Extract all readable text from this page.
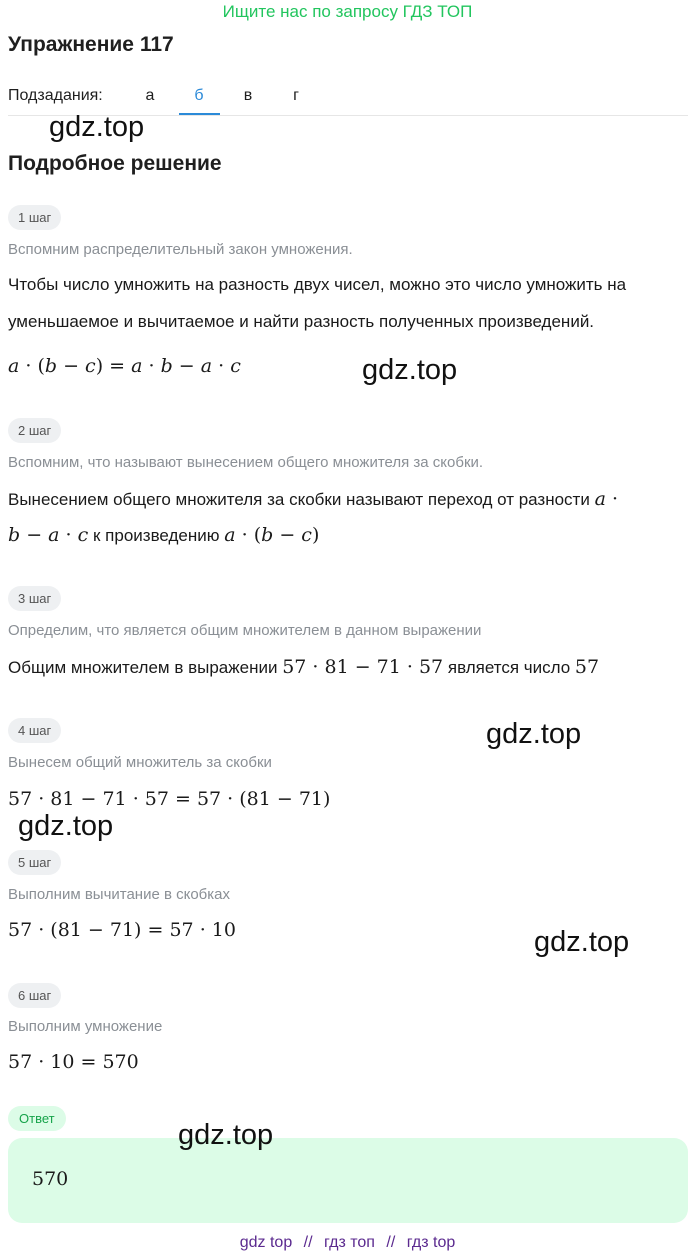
Ищите нас по запросу ГДЗ ТОП
Упражнение 117
Подзадания:	а	б	в	г
gdz.top
Подробное решение
1 шаг
Вспомним распределительный закон умножения.
Чтобы число умножить на разность двух чисел, можно это число умножить на
уменьшаемое и вычитаемое и найти разность полученных произведений.
a · (b − c) = a · b − a · c	gdz.top
2 шаг
Вспомним, что называют вынесением общего множителя за скобки.
Вынесением общего множителя за скобки называют переход от разности a ·
b − a · c к произведению a · (b − c)
3 шаг
Определим, что является общим множителем в данном выражении
Общим множителем в выражении 57 · 81 − 71 · 57 является число 57
4 шаг	gdz.top
Вынесем общий множитель за скобки
57 · 81 − 71 · 57 = 57 · (81 − 71)
gdz.top
5 шаг
Выполним вычитание в скобках
57 · (81 − 71) = 57 · 10	gdz.top
6 шаг
Выполним умножение
57 · 10 = 570
Ответ
570
gdz.top
gdz top // гдз топ // гдз top
